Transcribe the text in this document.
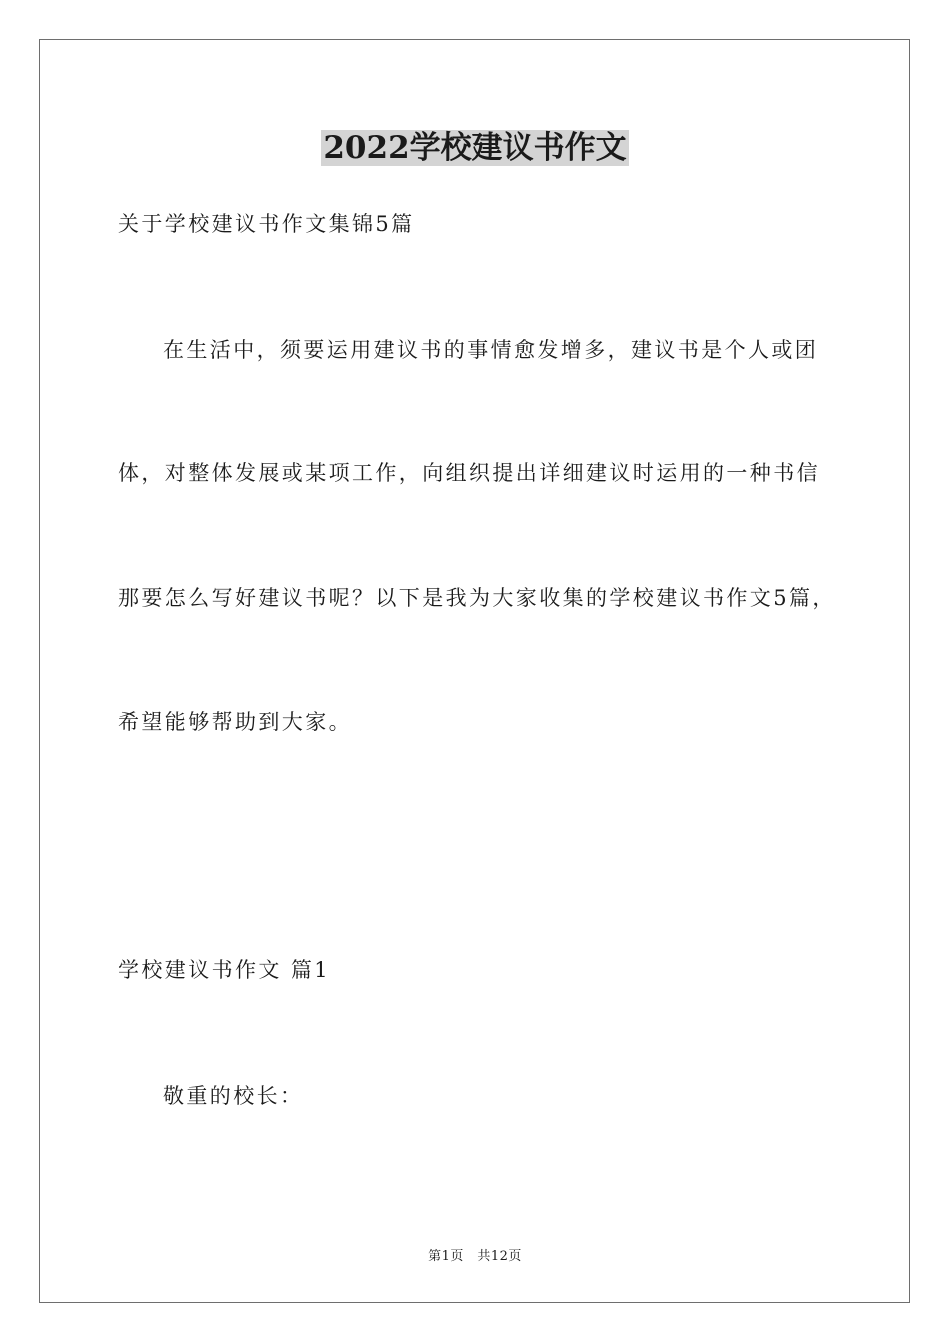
2022学校建议书作文
关于学校建议书作文集锦5篇
在生活中，须要运用建议书的事情愈发增多，建议书是个人或团
体，对整体发展或某项工作，向组织提出详细建议时运用的一种书信
那要怎么写好建议书呢？以下是我为大家收集的学校建议书作文5篇，
希望能够帮助到大家。
学校建议书作文 篇1
敬重的校长：
第1页　共12页
